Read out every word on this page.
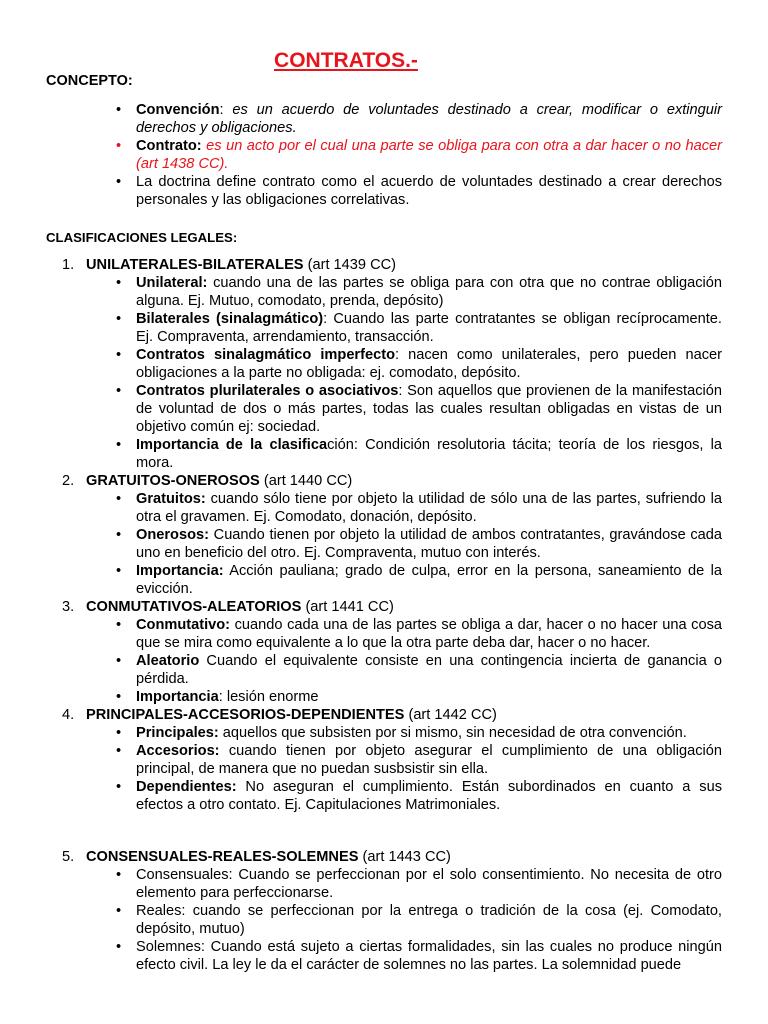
CONTRATOS.-
CONCEPTO:
• Convención: es un acuerdo de voluntades destinado a crear, modificar o extinguir derechos y obligaciones.
• Contrato: es un acto por el cual una parte se obliga para con otra a dar hacer o no hacer (art 1438 CC).
• La doctrina define contrato como el acuerdo de voluntades destinado a crear derechos personales y las obligaciones correlativas.
CLASIFICACIONES LEGALES:
1. UNILATERALES-BILATERALES (art 1439 CC)
• Unilateral: cuando una de las partes se obliga para con otra que no contrae obligación alguna. Ej. Mutuo, comodato, prenda, depósito)
• Bilaterales (sinalagmático): Cuando las parte contratantes se obligan recíprocamente. Ej. Compraventa, arrendamiento, transacción.
• Contratos sinalagmático imperfecto: nacen como unilaterales, pero pueden nacer obligaciones a la parte no obligada: ej. comodato, depósito.
• Contratos plurilaterales o asociativos: Son aquellos que provienen de la manifestación de voluntad de dos o más partes, todas las cuales resultan obligadas en vistas de un objetivo común ej: sociedad.
• Importancia de la clasificación: Condición resolutoria tácita; teoría de los riesgos, la mora.
2. GRATUITOS-ONEROSOS (art 1440 CC)
• Gratuitos: cuando sólo tiene por objeto la utilidad de sólo una de las partes, sufriendo la otra el gravamen. Ej. Comodato, donación, depósito.
• Onerosos: Cuando tienen por objeto la utilidad de ambos contratantes, gravándose cada uno en beneficio del otro. Ej. Compraventa, mutuo con interés.
• Importancia: Acción pauliana; grado de culpa, error en la persona, saneamiento de la evicción.
3. CONMUTATIVOS-ALEATORIOS (art 1441 CC)
• Conmutativo: cuando cada una de las partes se obliga a dar, hacer o no hacer una cosa que se mira como equivalente a lo que la otra parte deba dar, hacer o no hacer.
• Aleatorio Cuando el equivalente consiste en una contingencia incierta de ganancia o pérdida.
• Importancia: lesión enorme
4. PRINCIPALES-ACCESORIOS-DEPENDIENTES (art 1442 CC)
• Principales: aquellos que subsisten por si mismo, sin necesidad de otra convención.
• Accesorios: cuando tienen por objeto asegurar el cumplimiento de una obligación principal, de manera que no puedan susbsistir sin ella.
• Dependientes: No aseguran el cumplimiento. Están subordinados en cuanto a sus efectos a otro contato. Ej. Capitulaciones Matrimoniales.
5. CONSENSUALES-REALES-SOLEMNES (art 1443 CC)
• Consensuales: Cuando se perfeccionan por el solo consentimiento. No necesita de otro elemento para perfeccionarse.
• Reales: cuando se perfeccionan por la entrega o tradición de la cosa (ej. Comodato, depósito, mutuo)
• Solemnes: Cuando está sujeto a ciertas formalidades, sin las cuales no produce ningún efecto civil. La ley le da el carácter de solemnes no las partes. La solemnidad puede
